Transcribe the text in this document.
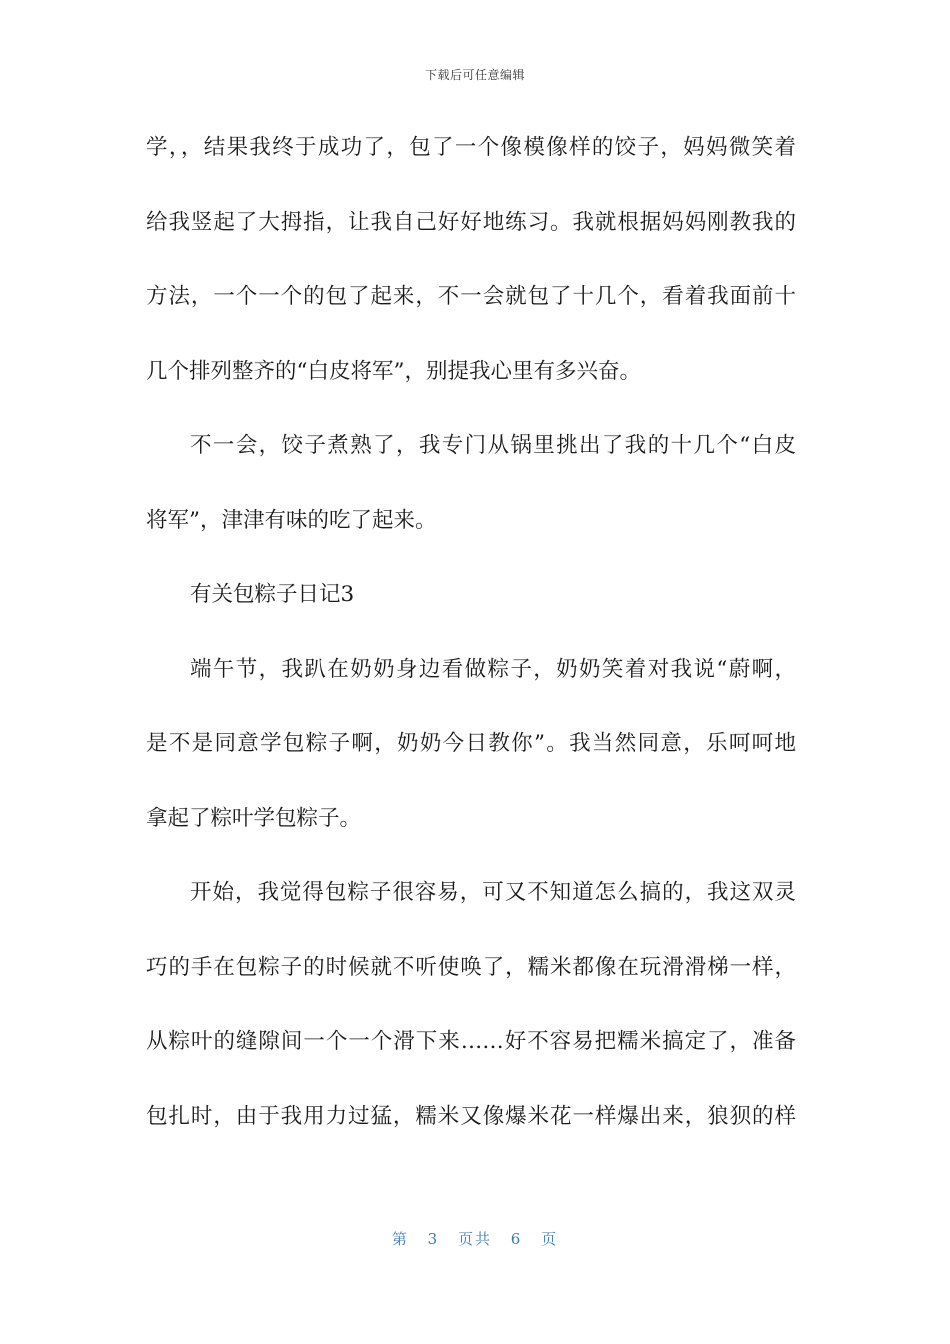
下载后可任意编辑
学，，结果我终于成功了，包了一个像模像样的饺子，妈妈微笑着
给我竖起了大拇指，让我自己好好地练习。我就根据妈妈刚教我的
方法，一个一个的包了起来，不一会就包了十几个，看着我面前十
几个排列整齐的“白皮将军”，别提我心里有多兴奋。
不一会，饺子煮熟了，我专门从锅里挑出了我的十几个“白皮
将军”，津津有味的吃了起来。
有关包粽子日记3
端午节，我趴在奶奶身边看做粽子，奶奶笑着对我说“蔚啊，
是不是同意学包粽子啊，奶奶今日教你”。我当然同意，乐呵呵地
拿起了粽叶学包粽子。
开始，我觉得包粽子很容易，可又不知道怎么搞的，我这双灵
巧的手在包粽子的时候就不听使唤了，糯米都像在玩滑滑梯一样，
从粽叶的缝隙间一个一个滑下来……好不容易把糯米搞定了，准备
包扎时，由于我用力过猛，糯米又像爆米花一样爆出来，狼狈的样
第 3 页共 6 页
